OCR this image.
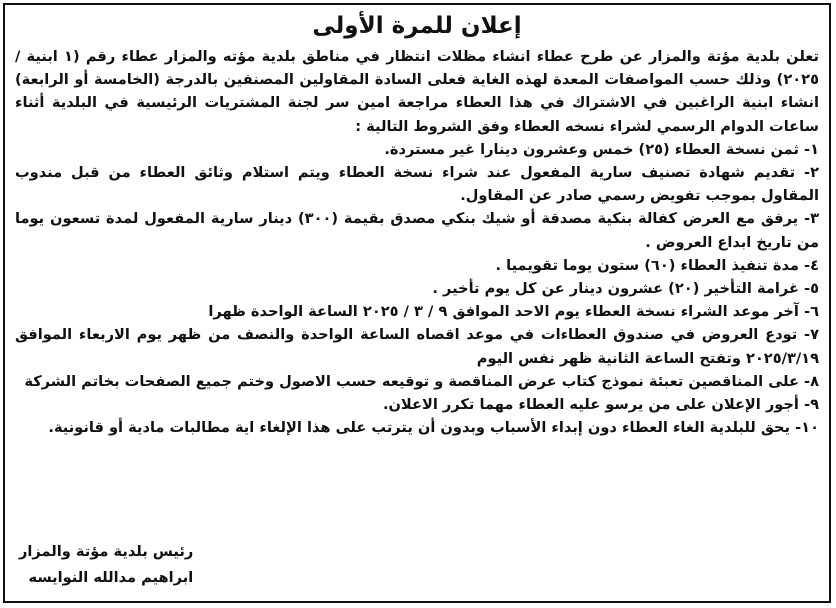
إعلان للمرة الأولى

تعلن بلدية مؤتة والمزار عن طرح عطاء انشاء مظلات انتظار في مناطق بلدية مؤته والمزار عطاء رقم (١ ابنية / ٢٠٢٥) وذلك حسب المواصفات المعدة لهذه الغاية فعلى السادة المقاولين المصنفين بالدرجة (الخامسة أو الرابعة) انشاء ابنية الراغبين في الاشتراك في هذا العطاء مراجعة امين سر لجنة المشتريات الرئيسية في البلدية أثناء ساعات الدوام الرسمي لشراء نسخه العطاء وفق الشروط التالية :

١- ثمن نسخة العطاء (٢٥) خمس وعشرون دينارا غير مستردة.

٢- تقديم شهادة تصنيف سارية المفعول عند شراء نسخة العطاء ويتم استلام وثائق العطاء من قبل مندوب المقاول بموجب تفويض رسمي صادر عن المقاول.

٣- يرفق مع العرض كفالة بنكية مصدقة أو شيك بنكي مصدق بقيمة (٣٠٠) دينار سارية المفعول لمدة تسعون يوما من تاريخ ابداع العروض .

٤- مدة تنفيذ العطاء (٦٠) ستون يوما تقويميا .

٥- غرامة التأخير (٢٠) عشرون دينار عن كل يوم تأخير .

٦- آخر موعد الشراء نسخة العطاء يوم الاحد الموافق ٩ / ٣ / ٢٠٢٥ الساعة الواحدة ظهرا

٧- تودع العروض في صندوق العطاءات في موعد اقصاه الساعة الواحدة والنصف من ظهر يوم الاربعاء الموافق ٢٠٢٥/٣/١٩ وتفتح الساعة الثانية ظهر نفس اليوم

٨- على المناقصين تعبئة نموذج كتاب عرض المناقصة و توقيعه حسب الاصول وختم جميع الصفحات بخاتم الشركة

٩- أجور الإعلان على من يرسو عليه العطاء مهما تكرر الاعلان.

١٠- يحق للبلدية الغاء العطاء دون إبداء الأسباب وبدون أن يترتب على هذا الإلغاء اية مطالبات مادية أو قانونية.

رئيس بلدية مؤتة والمزار
ابراهيم مدالله النوايسه
